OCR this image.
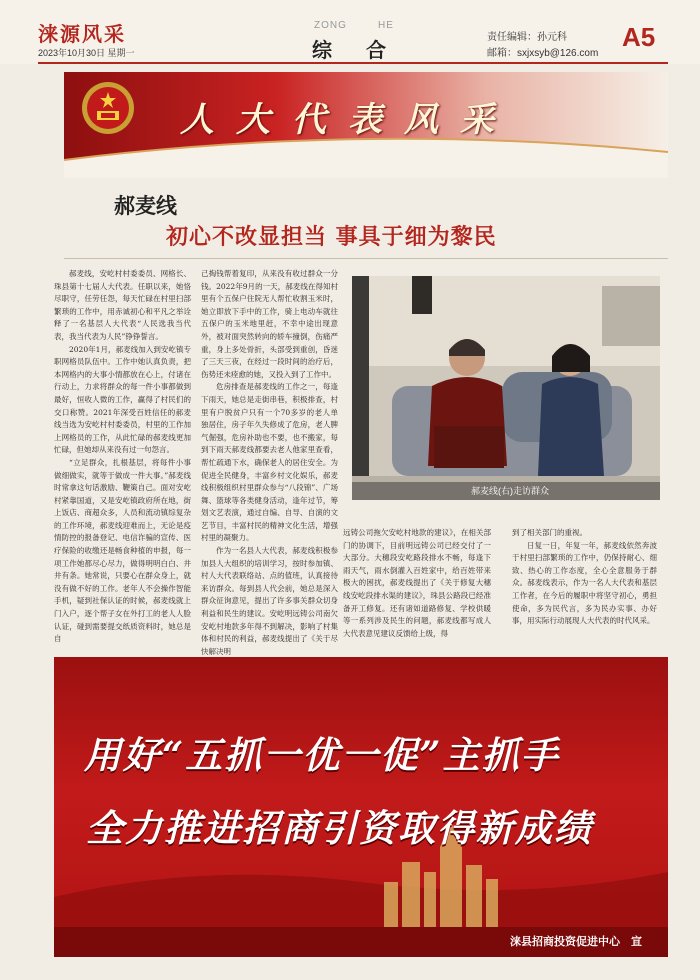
涞源风采
2023年10月30日 星期一
ZONG	HE
综合
责任编辑：孙元科
邮箱：sxjxsyb@126.com
A5
人大代表风采
郝麦线
初心不改显担当 事具于细为黎民

郝麦线，安屹村村委委员、网格长、珠县第十七届人大代表。任职以来，她恪尽职守，任劳任怨，每天忙碌在村里扫部繁琐的工作中，用赤诚初心和平凡之举诠释了一名基层人大代表“人民选我当代表，我当代表为人民”铮铮誓言。

2020年1月，郝麦线加入到安屹镇专职网格员队伍中。工作中她认真负责，把本网格内的大事小情都放在心上，付诸在行动上，力求将群众的每一件小事都做到最好，恒收人微的工作，赢得了村民们的交口称赞。2021年深受百姓信任的郝麦线当选为安屹村村委委员，村里的工作加上网格员的工作，从此忙碌的郝麦线更加忙碌，但她却从来没有过一句怨言。

“立足群众，扎根基层，将每件小事做细做实，就等于做成一件大事。”郝麦线时常拿这句话激励、鞭策自己。面对安屹村紧靠国道，又是安屹镇政府所在地，街上饭店、商超众多，人员和流动镇综复杂的工作环境，郝麦线迎难而上，无论是疫情防控的报备登记、电信诈骗的宣传、医疗保险的收缴还是畅食种植的申报，每一项工作她都尽心尽力，做得明明白白、井井有条。她常说，只要心在群众身上，就没有做不好的工作。老年人不会操作智能手机，疑到社保认证的时候，郝麦线就上门入户，逐个帮子女在外打工的老人人脸认证，碰到需要提交纸质资料时，她总是自

己掏钱帮着复印，从来没有收过群众一分钱。2022年9月的一天，郝麦线在得知村里有个五保户住院无人帮忙收割玉米时，她立即放下手中的工作，骑上电动车就往五保户的玉米地里赶，不幸中途出现意外，被对面突然转向的轿车撞倒，伤痛严重，身上多处骨折，头部受到重创，昏迷了三天三夜，在经过一段时间的治疗后，伤势还未痊愈的她，又投入到了工作中。

危房排查是郝麦线的工作之一，每逢下雨天，她总是走街串巷，积极排查，村里有户脱贫户只有一个70多岁的老人单独居住，房子年久失修成了危房，老人脾气倔强，危房补助也不要，也不搬家，每到下雨天郝麦线都要去老人他家里查看，帮忙疏通下水，确保老人的居住安全。为促进全民健身，丰富乡村文化娱乐，郝麦线积极组织村里群众参与“八段锦”、广场舞、篮球等各类健身活动，逢年过节，筹划文艺表演，通过自编、自导、自演的文艺节目，丰富村民的精神文化生活，增强村里的凝聚力。

作为一名县人大代表，郝麦线积极参加县人大组织的培训学习，按时参加镇、村人大代表联络站、点的值班，认真接待来访群众。每到县人代会前，她总是深入群众征询意见，提出了许多事关群众切身利益和民生的建议。安屹明远铸公司南欠安屹村地款多年得不到解决，影响了村集体和村民的利益，郝麦线提出了《关于尽快解决明

郝麦线(右)走访群众

远铸公司拖欠安屹村地款的建议》，在相关部门的协调下，目前明远铸公司已经交付了一大部分。大穗段安屹路段排水不畅，每逢下雨天气，雨水倒灌入百姓家中，给百姓带来极大的困扰，郝麦线提出了《关于修复大穗线安屹段排水渠的建议》，珠县公路段已经准备开工修复。还有诸如道路修复、学校供暖等一系列涉及民生的问题，郝麦线都写成人大代表意见建议反馈给上级，得

到了相关部门的重视。

日复一日，年复一年，郝麦线依然奔波于村里扫部繁琐的工作中，仍保持耐心、细致、热心的工作态度，全心全意服务于群众。郝麦线表示，作为一名人大代表和基层工作者，在今后的履职中将坚守初心，勇担使命，多为民代言，多为民办实事、办好事，用实际行动展现人大代表的时代风采。

用好“五抓一优一促”主抓手
全力推进招商引资取得新成绩
涞县招商投资促进中心　宣
